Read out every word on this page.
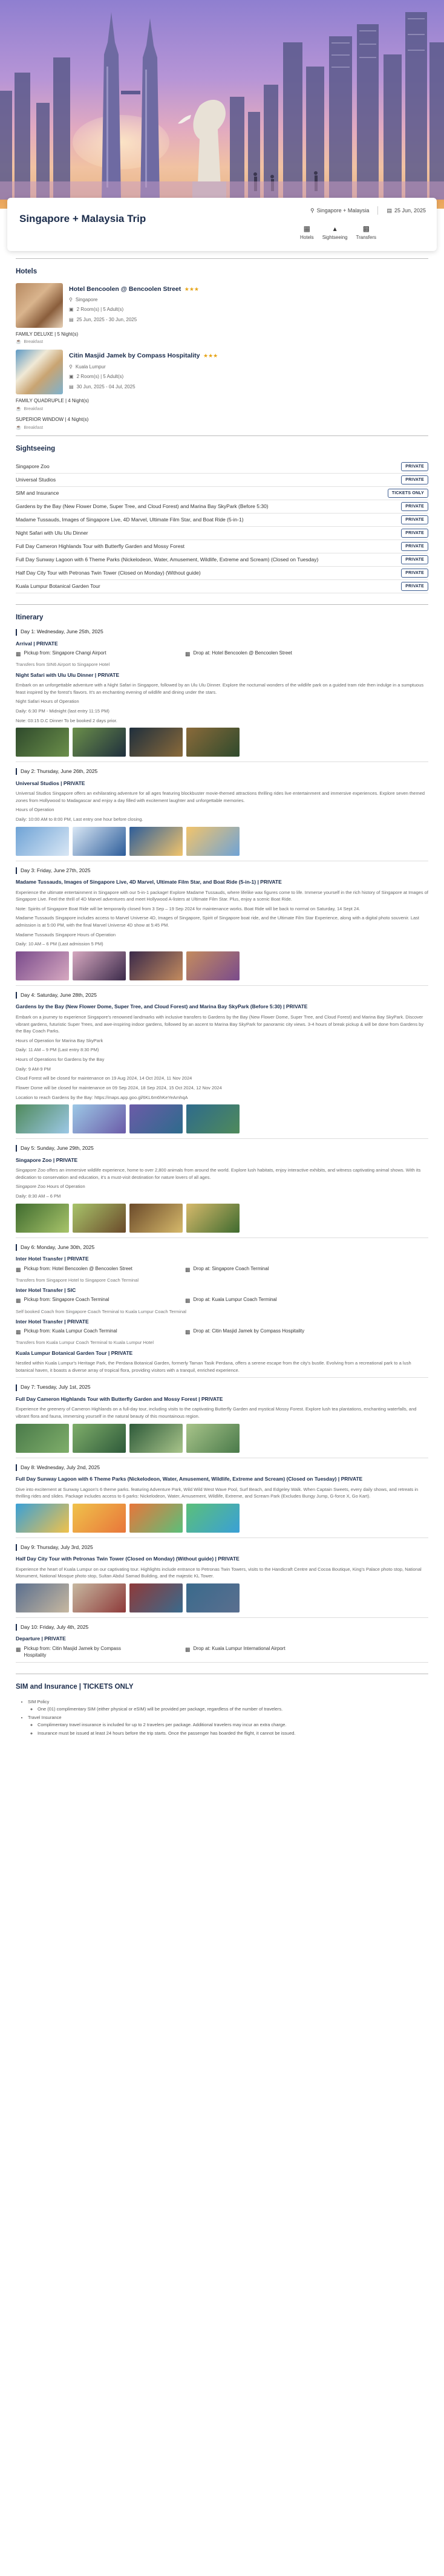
Singapore + Malaysia Trip
⚲ Singapore + Malaysia	▤ 25 Jun, 2025
▦
Hotels
▴
Sightseeing
▩
Transfers
Hotels
Hotel Bencoolen @ Bencoolen Street ★★★
⚲ Singapore
▣ 2 Room(s) | 5 Adult(s)
▤ 25 Jun, 2025 - 30 Jun, 2025
FAMILY DELUXE | 5 Night(s)
☕ Breakfast
Citin Masjid Jamek by Compass Hospitality ★★★
⚲ Kuala Lumpur
▣ 2 Room(s) | 5 Adult(s)
▤ 30 Jun, 2025 - 04 Jul, 2025
FAMILY QUADRUPLE | 4 Night(s)
☕ Breakfast
SUPERIOR WINDOW | 4 Night(s)
☕ Breakfast
Sightseeing
Singapore Zoo	PRIVATE
Universal Studios	PRIVATE
SIM and Insurance	TICKETS ONLY
Gardens by the Bay (New Flower Dome, Super Tree, and Cloud Forest) and Marina Bay SkyPark (Before 5:30)	PRIVATE
Madame Tussauds, Images of Singapore Live, 4D Marvel, Ultimate Film Star, and Boat Ride (5-in-1)	PRIVATE
Night Safari with Ulu Ulu Dinner	PRIVATE
Full Day Cameron Highlands Tour with Butterfly Garden and Mossy Forest	PRIVATE
Full Day Sunway Lagoon with 6 Theme Parks (Nickelodeon, Water, Amusement, Wildlife, Extreme and Scream) (Closed on Tuesday)	PRIVATE
Half Day City Tour with Petronas Twin Tower (Closed on Monday) (Without guide)	PRIVATE
Kuala Lumpur Botanical Garden Tour	PRIVATE
Itinerary
Day 1: Wednesday, June 25th, 2025
Arrival | PRIVATE
▩ Pickup from: Singapore Changi Airport	▩ Drop at: Hotel Bencoolen @ Bencoolen Street
Transfers from SIN6 Airport to Singapore Hotel
Night Safari with Ulu Ulu Dinner | PRIVATE
Embark on an unforgettable adventure with a Night Safari in Singapore, followed by an Ulu Ulu Dinner. Explore the nocturnal wonders of the wildlife park on a guided tram ride then indulge in a sumptuous feast inspired by the forest's flavors. It's an enchanting evening of wildlife and dining under the stars.
Night Safari Hours of Operation
Daily: 6:30 PM - Midnight (last entry 11:15 PM)
Note: 03:15 D.C Dinner To be booked 2 days prior.
Day 2: Thursday, June 26th, 2025
Universal Studios | PRIVATE
Universal Studios Singapore offers an exhilarating adventure for all ages featuring blockbuster movie-themed attractions thrilling rides live entertainment and immersive experiences. Explore seven themed zones from Hollywood to Madagascar and enjoy a day filled with excitement laughter and unforgettable memories.
Hours of Operation
Daily: 10:00 AM to 8:00 PM, Last entry one hour before closing.
Day 3: Friday, June 27th, 2025
Madame Tussauds, Images of Singapore Live, 4D Marvel, Ultimate Film Star, and Boat Ride (5-in-1) | PRIVATE
Experience the ultimate entertainment in Singapore with our 5-in-1 package! Explore Madame Tussauds, where lifelike wax figures come to life. Immerse yourself in the rich history of Singapore at Images of Singapore Live. Feel the thrill of 4D Marvel adventures and meet Hollywood A-listers at Ultimate Film Star. Plus, enjoy a scenic Boat Ride.
Note: Spirits of Singapore Boat Ride will be temporarily closed from 3 Sep – 19 Sep 2024 for maintenance works. Boat Ride will be back to normal on Saturday, 14 Sept 24.
Madame Tussauds Singapore includes access to Marvel Universe 4D, Images of Singapore, Spirit of Singapore boat ride, and the Ultimate Film Star Experience, along with a digital photo souvenir. Last admission is at 5:00 PM, with the final Marvel Universe 4D show at 5:45 PM.
Madame Tussauds Singapore Hours of Operation
Daily: 10 AM – 6 PM (Last admission 5 PM)
Day 4: Saturday, June 28th, 2025
Gardens by the Bay (New Flower Dome, Super Tree, and Cloud Forest) and Marina Bay SkyPark (Before 5:30) | PRIVATE
Embark on a journey to experience Singapore's renowned landmarks with inclusive transfers to Gardens by the Bay (New Flower Dome, Super Tree, and Cloud Forest) and Marina Bay SkyPark. Discover vibrant gardens, futuristic Super Trees, and awe-inspiring indoor gardens, followed by an ascent to Marina Bay SkyPark for panoramic city views. 3-4 hours of break pickup & will be done from Gardens by the Bay Coach Parks.
Hours of Operation for Marina Bay SkyPark
Daily: 11 AM – 9 PM (Last entry 8:30 PM)
Hours of Operations for Gardens by the Bay
Daily: 9 AM-9 PM
Cloud Forest will be closed for maintenance on 19 Aug 2024, 14 Oct 2024, 11 Nov 2024
Flower Dome will be closed for maintenance on 09 Sep 2024, 18 Sep 2024, 15 Oct 2024, 12 Nov 2024
Location to reach Gardens by the Bay: https://maps.app.goo.gl/6KL6m6hKeYeAmhqA
Day 5: Sunday, June 29th, 2025
Singapore Zoo | PRIVATE
Singapore Zoo offers an immersive wildlife experience, home to over 2,800 animals from around the world. Explore lush habitats, enjoy interactive exhibits, and witness captivating animal shows. With its dedication to conservation and education, it's a must-visit destination for nature lovers of all ages.
Singapore Zoo Hours of Operation
Daily: 8:30 AM – 6 PM
Day 6: Monday, June 30th, 2025
Inter Hotel Transfer | PRIVATE
▩ Pickup from: Hotel Bencoolen @ Bencoolen Street	▩ Drop at: Singapore Coach Terminal
Transfers from Singapore Hotel to Singapore Coach Terminal
Inter Hotel Transfer | SIC
▩ Pickup from: Singapore Coach Terminal	▩ Drop at: Kuala Lumpur Coach Terminal
Self booked Coach from Singapore Coach Terminal to Kuala Lumpur Coach Terminal
Inter Hotel Transfer | PRIVATE
▩ Pickup from: Kuala Lumpur Coach Terminal	▩ Drop at: Citin Masjid Jamek by Compass Hospitality
Transfers from Kuala Lumpur Coach Terminal to Kuala Lumpur Hotel
Kuala Lumpur Botanical Garden Tour | PRIVATE
Nestled within Kuala Lumpur's Heritage Park, the Perdana Botanical Garden, formerly Taman Tasik Perdana, offers a serene escape from the city's bustle. Evolving from a recreational park to a lush botanical haven, it boasts a diverse array of tropical flora, providing visitors with a tranquil, enriched experience.
Day 7: Tuesday, July 1st, 2025
Full Day Cameron Highlands Tour with Butterfly Garden and Mossy Forest | PRIVATE
Experience the greenery of Cameron Highlands on a full-day tour, including visits to the captivating Butterfly Garden and mystical Mossy Forest. Explore lush tea plantations, enchanting waterfalls, and vibrant flora and fauna, immersing yourself in the natural beauty of this mountainous region.
Day 8: Wednesday, July 2nd, 2025
Full Day Sunway Lagoon with 6 Theme Parks (Nickelodeon, Water, Amusement, Wildlife, Extreme and Scream) (Closed on Tuesday) | PRIVATE
Dive into excitement at Sunway Lagoon's 6 theme parks. featuring Adventure Park, Wild Wild West Wave Pool, Surf Beach, and Edgeley Walk. When Captain Sweets, every daily shows, and retreats in thrilling rides and slides. Package includes access to 6 parks: Nickelodeon, Water, Amusement, Wildlife, Extreme, and Scream Park (Excludes Bungy Jump, G-force X, Go Kart).
Day 9: Thursday, July 3rd, 2025
Half Day City Tour with Petronas Twin Tower (Closed on Monday) (Without guide) | PRIVATE
Experience the heart of Kuala Lumpur on our captivating tour. Highlights include entrance to Petronas Twin Towers, visits to the Handicraft Centre and Cocoa Boutique, King's Palace photo stop, National Monument, National Mosque photo stop, Sultan Abdul Samad Building, and the majestic KL Tower.
Day 10: Friday, July 4th, 2025
Departure | PRIVATE
▩ Pickup from: Citin Masjid Jamek by Compass Hospitality
▩ Drop at: Kuala Lumpur International Airport
SIM and Insurance | TICKETS ONLY
• SIM Policy
◦ One (01) complimentary SIM (either physical or eSIM) will be provided per package, regardless of the number of travelers.
• Travel Insurance
◦ Complimentary travel insurance is included for up to 2 travelers per package. Additional travelers may incur an extra charge.
◦ Insurance must be issued at least 24 hours before the trip starts. Once the passenger has boarded the flight, it cannot be issued.
